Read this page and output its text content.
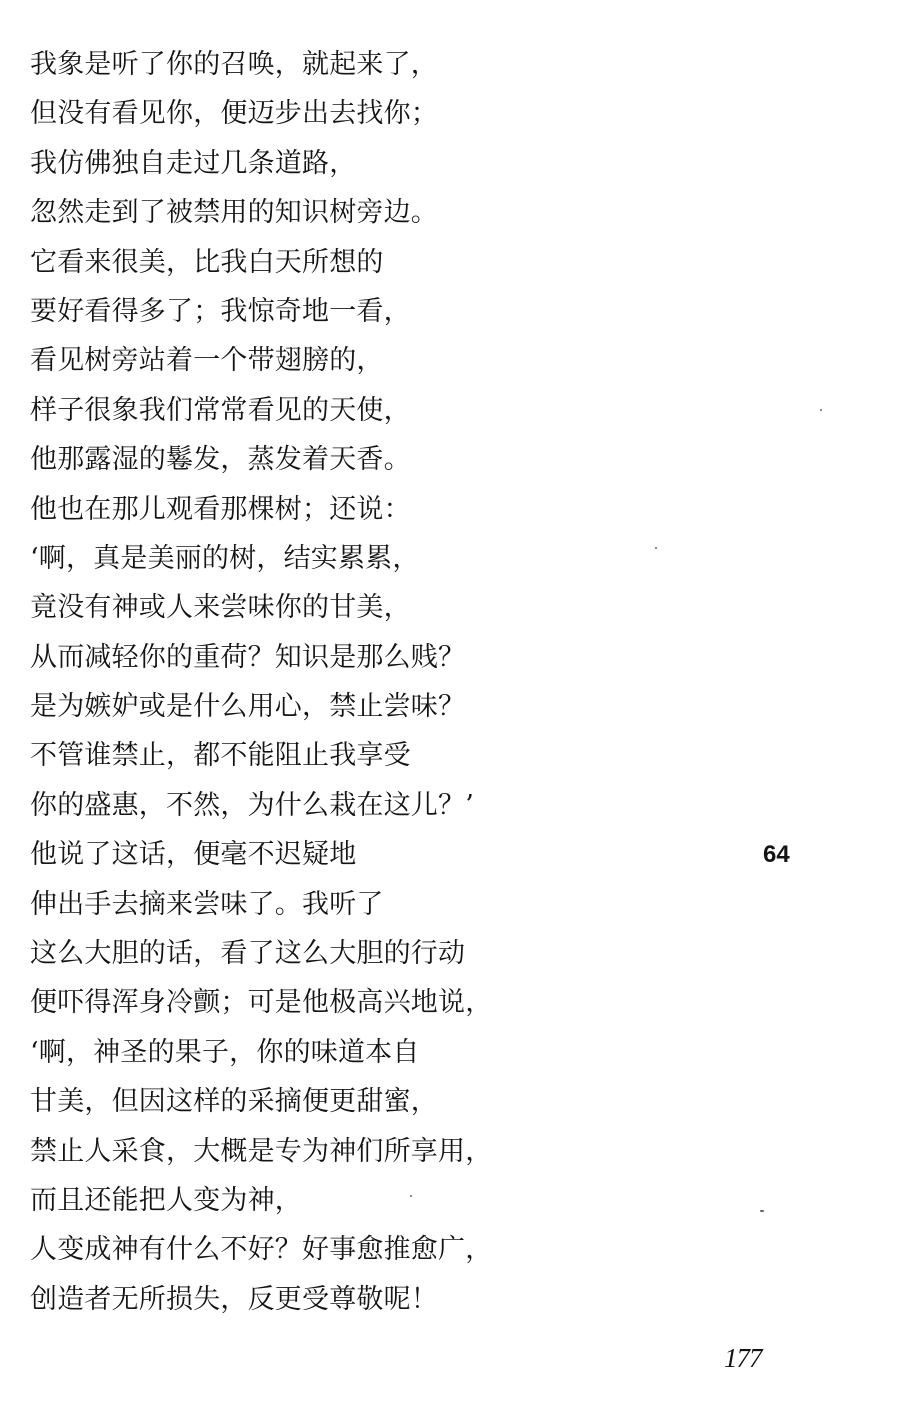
我象是听了你的召唤，就起来了，
但没有看见你，便迈步出去找你；
我仿佛独自走过几条道路，
忽然走到了被禁用的知识树旁边。
它看来很美，比我白天所想的
要好看得多了；我惊奇地一看，
看见树旁站着一个带翅膀的，
样子很象我们常常看见的天使，
他那露湿的鬈发，蒸发着天香。
他也在那儿观看那棵树；还说：
‘啊，真是美丽的树，结实累累，
竟没有神或人来尝味你的甘美，
从而减轻你的重荷？知识是那么贱？
是为嫉妒或是什么用心，禁止尝味？
不管谁禁止，都不能阻止我享受
你的盛惠，不然，为什么栽在这儿？’
他说了这话，便毫不迟疑地
伸出手去摘来尝味了。我听了
这么大胆的话，看了这么大胆的行动
便吓得浑身冷颤；可是他极高兴地说，
‘啊，神圣的果子，你的味道本自
甘美，但因这样的采摘便更甜蜜，
禁止人采食，大概是专为神们所享用，
而且还能把人变为神，
人变成神有什么不好？好事愈推愈广，
创造者无所损失，反更受尊敬呢！
64
177
